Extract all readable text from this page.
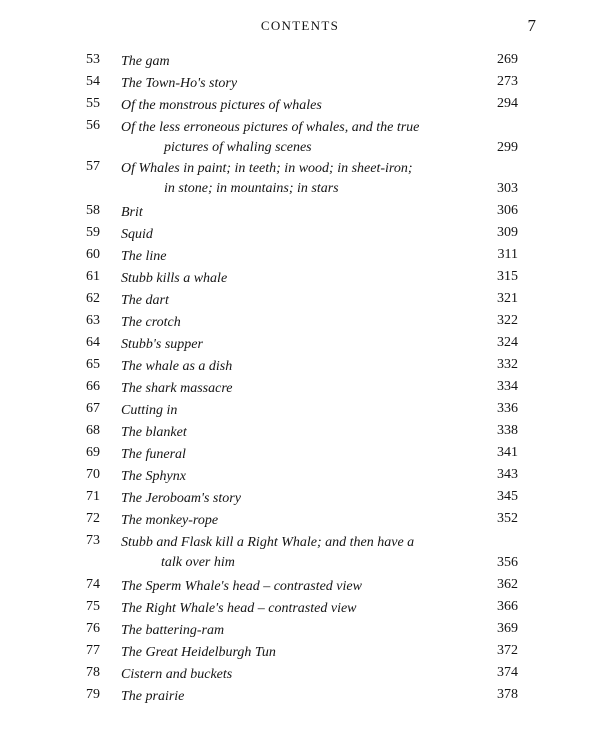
CONTENTS	7
53	The gam	269
54	The Town-Ho's story	273
55	Of the monstrous pictures of whales	294
56	Of the less erroneous pictures of whales, and the true
pictures of whaling scenes	299
57	Of Whales in paint; in teeth; in wood; in sheet-iron;
in stone; in mountains; in stars	303
58	Brit	306
59	Squid	309
60	The line	311
61	Stubb kills a whale	315
62	The dart	321
63	The crotch	322
64	Stubb's supper	324
65	The whale as a dish	332
66	The shark massacre	334
67	Cutting in	336
68	The blanket	338
69	The funeral	341
70	The Sphynx	343
71	The Jeroboam's story	345
72	The monkey-rope	352
73	Stubb and Flask kill a Right Whale; and then have a
talk over him	356
74	The Sperm Whale's head – contrasted view	362
75	The Right Whale's head – contrasted view	366
76	The battering-ram	369
77	The Great Heidelburgh Tun	372
78	Cistern and buckets	374
79	The prairie	378
